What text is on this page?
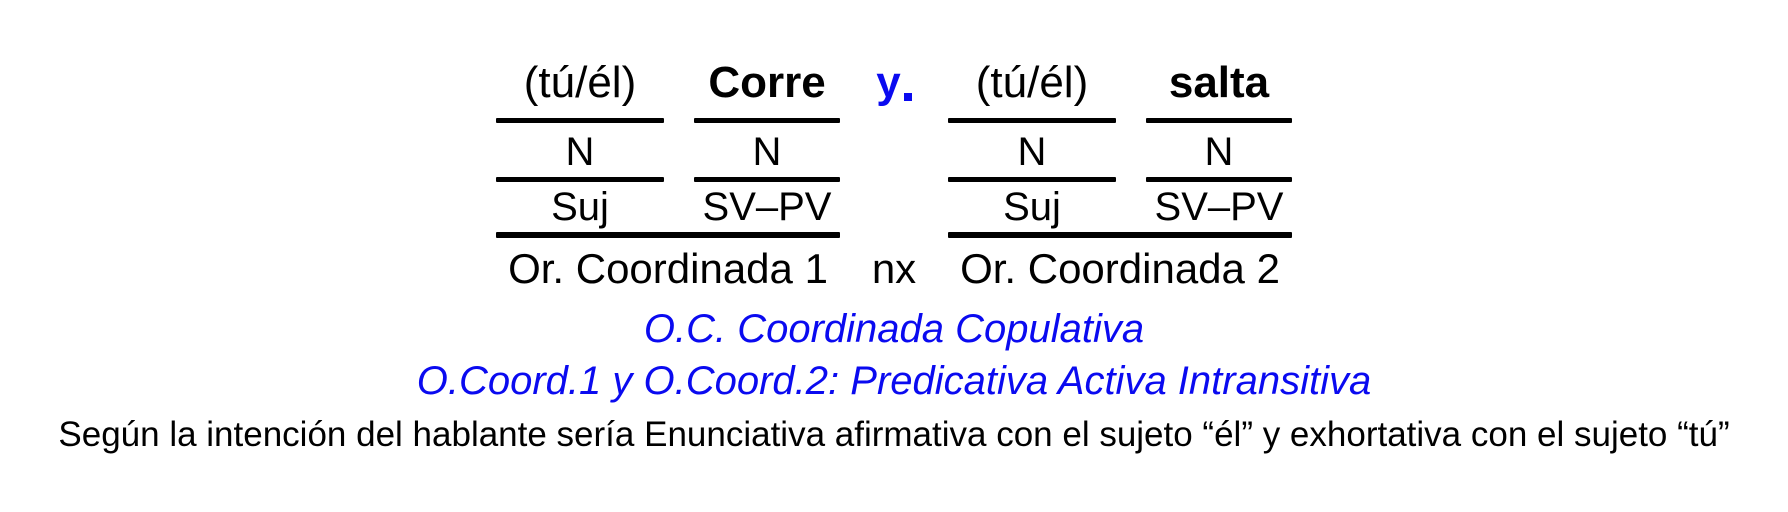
(tú/él)
N
Suj
Corre
N
SV–PV
Or. Coordinada 1
y
nx
(tú/él)
N
Suj
salta
N
SV–PV
Or. Coordinada 2
O.C. Coordinada Copulativa
O.Coord.1 y O.Coord.2: Predicativa Activa Intransitiva
Según la intención del hablante sería Enunciativa afirmativa con el sujeto “él” y exhortativa con el sujeto “tú”
